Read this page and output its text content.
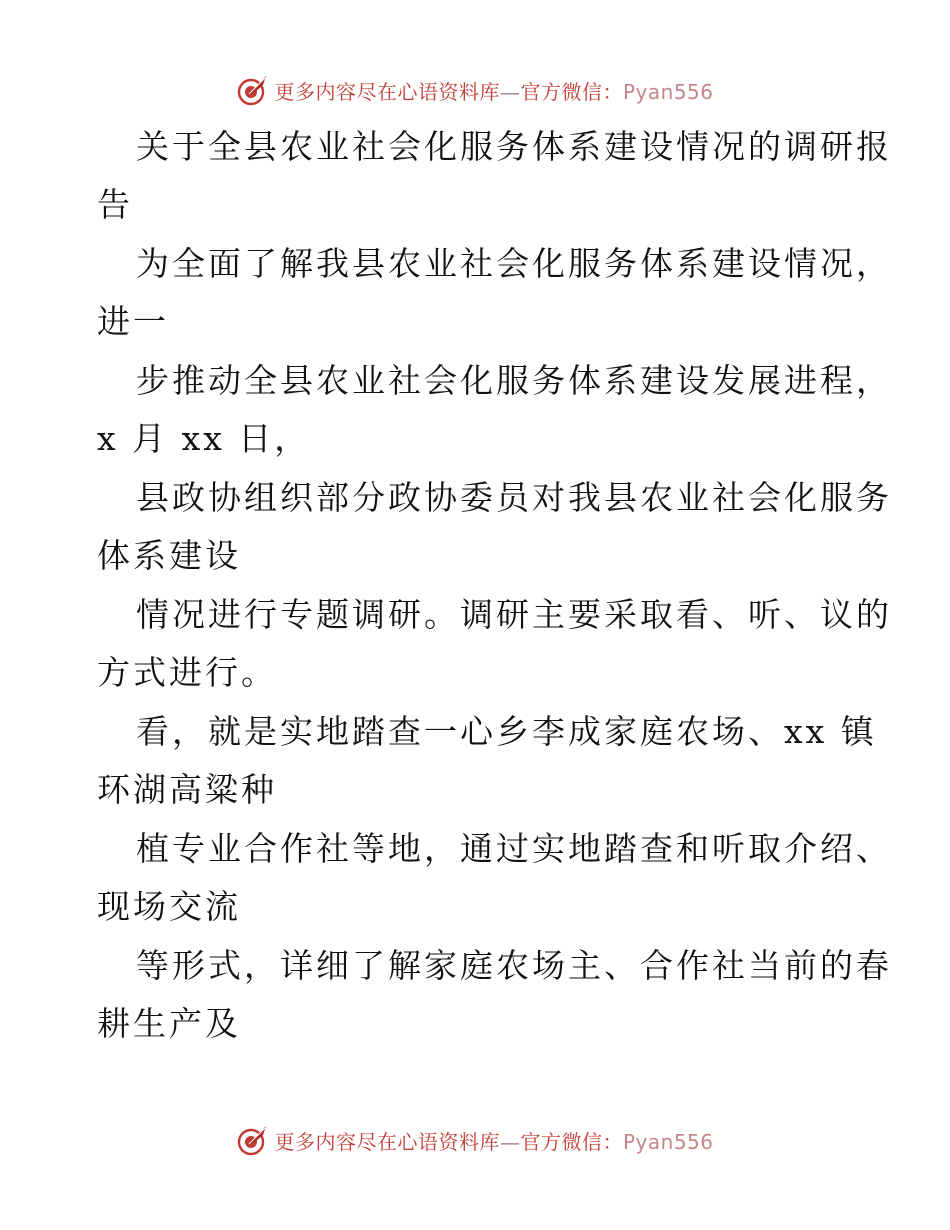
更多内容尽在心语资料库—官方微信：Pyan556
关于全县农业社会化服务体系建设情况的调研报
告
为全面了解我县农业社会化服务体系建设情况，
进一
步推动全县农业社会化服务体系建设发展进程，
x 月 xx 日，
县政协组织部分政协委员对我县农业社会化服务
体系建设
情况进行专题调研。调研主要采取看、听、议的
方式进行。
看，就是实地踏查一心乡李成家庭农场、xx 镇
环湖高粱种
植专业合作社等地，通过实地踏查和听取介绍、
现场交流
等形式，详细了解家庭农场主、合作社当前的春
耕生产及
更多内容尽在心语资料库—官方微信：Pyan556
